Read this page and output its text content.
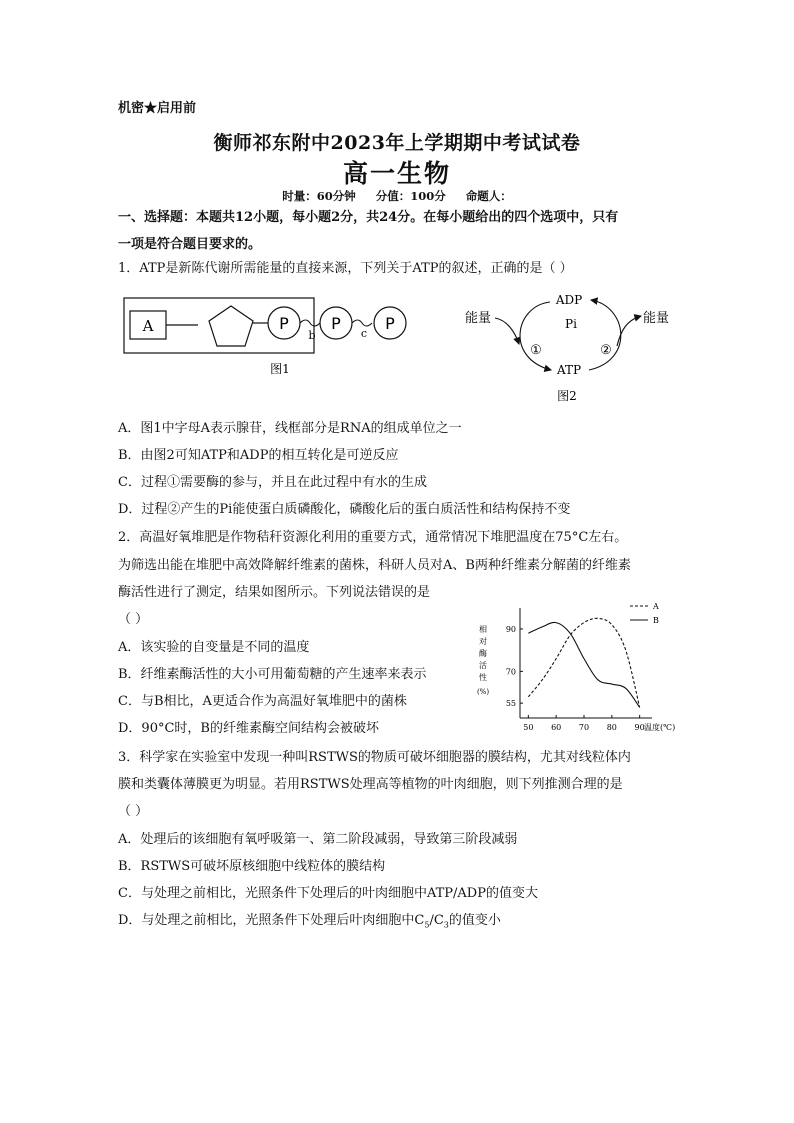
机密★启用前
衡师祁东附中2023年上学期期中考试试卷
高一生物
时量：60分钟 分值：100分 命题人：
一、选择题：本题共12小题，每小题2分，共24分。在每小题给出的四个选项中，只有
一项是符合题目要求的。
1．ATP是新陈代谢所需能量的直接来源，下列关于ATP的叙述，正确的是（ ）
A	P
b
P
c
P
图1
ADP
Pi
ATP
能量	能量
①	②
图2
A．图1中字母A表示腺苷，线框部分是RNA的组成单位之一
B．由图2可知ATP和ADP的相互转化是可逆反应
C．过程①需要酶的参与，并且在此过程中有水的生成
D．过程②产生的Pi能使蛋白质磷酸化，磷酸化后的蛋白质活性和结构保持不变
2．高温好氧堆肥是作物秸秆资源化利用的重要方式，通常情况下堆肥温度在75°C左右。
为筛选出能在堆肥中高效降解纤维素的菌株，科研人员对A、B两种纤维素分解菌的纤维素
酶活性进行了测定，结果如图所示。下列说法错误的是
（ ）
A．该实验的自变量是不同的温度
B．纤维素酶活性的大小可用葡萄糖的产生速率来表示
C．与B相比，A更适合作为高温好氧堆肥中的菌株
D．90°C时，B的纤维素酶空间结构会被破坏	50 60 70 80 90
55
70
90
A
B
相
对
酶
活
性
(%)
温度(℃)
3．科学家在实验室中发现一种叫RSTWS的物质可破坏细胞器的膜结构，尤其对线粒体内
膜和类囊体薄膜更为明显。若用RSTWS处理高等植物的叶肉细胞，则下列推测合理的是
（ ）
A．处理后的该细胞有氧呼吸第一、第二阶段减弱，导致第三阶段减弱
B．RSTWS可破坏原核细胞中线粒体的膜结构
C．与处理之前相比，光照条件下处理后的叶肉细胞中ATP/ADP的值变大
D．与处理之前相比，光照条件下处理后叶肉细胞中$C_5/C_3$的值变小
